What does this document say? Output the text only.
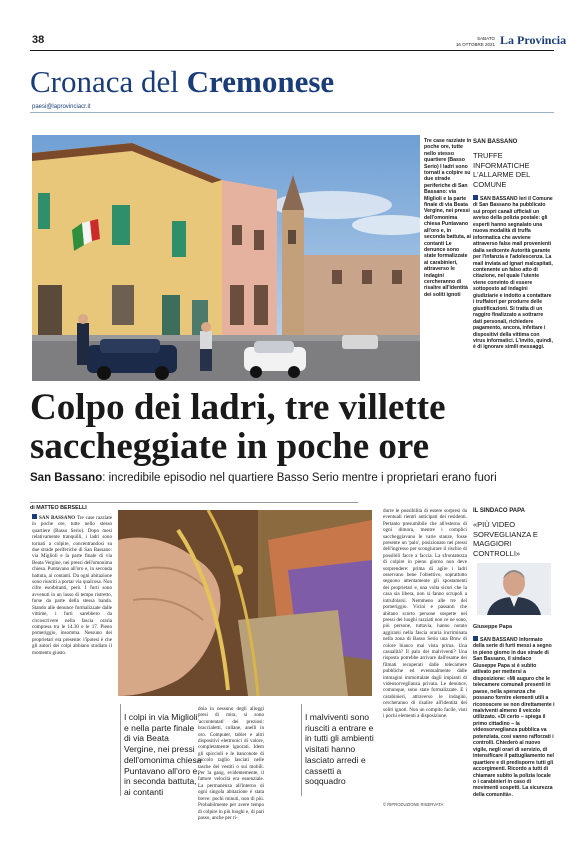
38	SABATO
16 OTTOBRE 2021 La Provincia
Cronaca del Cremonese
paesi@laprovinciacr.it
Tre case razziate in poche ore, tutte nello stesso quartiere (Basso Serio) I ladri sono tornati a colpire su due strade periferiche di San Bassano: via Miglioli e la parte finale di via Beata Vergine, nei pressi dell'omonima chiesa Puntavano all'oro e, in seconda battuta, ai contanti Le denunce sono state formalizzate ai carabinieri, attraverso le indagini cercheranno di risalire all'identità dei soliti ignoti
SAN BASSANO
TRUFFE INFORMATICHE L'ALLARME DEL COMUNE
SAN BASSANO Ieri il Comune di San Bassano ha pubblicato sui propri canali ufficiali un avviso della polizia postale: gli esperti hanno segnalato una nuova modalità di truffa informatica che avviene attraverso false mail provenienti dalla sedicente Autorità garante per l'infanzia e l'adolescenza. La mail inviata ad ignari malcapitati, contenente un falso atto di citazione, nel quale l'utente viene convinto di essere sottoposto ad indagini giudiziarie e indotto a contattare i truffatori per produrre delle giustificazioni. Si tratta di un raggiro finalizzato a sottrarre dati personali, richiedere pagamento, ancora, infettare i dispositivi della vittima con virus informatici. L'invito, quindi, è di ignorare simili messaggi.
Colpo dei ladri, tre villette saccheggiate in poche ore
San Bassano: incredibile episodio nel quartiere Basso Serio mentre i proprietari erano fuori
di MATTEO BERSELLI
SAN BASSANO Tre case razziate in poche ore, tutte nello stesso quartiere (Basso Serio). Dopo mesi relativamente tranquilli, i ladri sono tornati a colpire, concentrandosi su due strade periferiche di San Bassano: via Miglioli e la parte finale di via Beata Vergine, nei pressi dell'omonima chiesa. Puntavano all'oro e, in seconda battuta, ai contanti. Da ogni abitazione sono riusciti a portar via qualcosa. Non cifre esorbitanti, però. I furti sono avvenuti in un lasso di tempo ristretto, forse da parte della stessa banda. Stando alle denunce formalizzate dalle vittime, i furti sarebbero da circoscrivere nella fascia oraria compresa tra le 14.30 e le 17. Pieno pomeriggio, insomma. Nessuno dei proprietari era presente: l'ipotesi è che gli autori dei colpi abbiano studiato il momento giusto.
dola in nessuno degli alloggi presi di mira, si sono 'accontentati' dei preziosi: braccialetti, collane, anelli in oro. Computer, tablet e altri dispositivi elettronici di valore, completamente ignorati. Idem gli spiccioli e le banconote di piccolo taglio lasciati nelle tasche dei vestiti o sui mobili. Per la gang, evidentemente, il fattore velocità era essenziale. La permanenza all'interno di ogni singola abitazione è stata breve: pochi minuti, non di più. Probabilmente per avere tempo di colpire in più luoghi e, di pari passo, anche per ri-
I colpi in via Miglioli e nella parte finale di via Beata Vergine, nei pressi dell'omonima chiesa Puntavano all'oro e, in seconda battuta, ai contanti
I malviventi sono riusciti a entrare e in tutti gli ambienti visitati hanno lasciato arredi e cassetti a soqquadro
durre le possibilità di essere sorpresi da eventuali rientri anticipati dei residenti. Pertanto presumibile che all'esterno di ogni dimora, mentre i complici saccheggiavano le varie stanze, fosse presente un 'palo', posizionato nei pressi dell'ingresso per scongiurare il rischio di possibili facce a faccia. La sfrontatezza di colpire in pieno giorno non deve sorprendere: prima di agire i ladri osservano bene l'obiettivo, soprattutto seguono attentamente gli spostamenti dei proprietari e, una volta sicuri che la casa sia libera, non si fanno scrupoli a intrufolarsi. Nemmeno alle tre del pomeriggio. Vicini e passanti che abitano scorto persone sospette nei pressi dei luoghi razziati non ce ne sono, più persone, tuttavia, hanno notato aggirarsi nella fascia oraria incriminata nella zona di Basso Serio una Bmw di colore bianco mai vista prima. Una casualità? Il palo dei malviventi? Una risposta potrebbe arrivare dall'esame dei filmati recuperati dalle telecamere pubbliche ed eventualmente dalle immagini immortalate dagli impianti di videosorveglianza privata. Le denunce, comunque, sono state formalizzate. E i carabinieri, attraverso le indagini, cercheranno di risalire all'identità dei soliti ignoti. Non un compito facile, visti i pochi elementi a disposizione.
© RIPRODUZIONE RISERVATA
IL SINDACO PAPA
«PIÙ VIDEO SORVEGLIANZA E MAGGIORI CONTROLLI»
Giuseppe Papa
SAN BASSANO Informato della serie di furti messi a segno in pieno giorno in due strade di San Bassano, il sindaco Giuseppe Papa si è subito attivato per mettersi a disposizione: «Mi auguro che le telecamere comunali presenti in paese, nella speranza che possano fornire elementi utili a riconoscere se non direttamente i malviventi almeno il veicolo utilizzato. «Di certo – spiega il primo cittadino – la videosorveglianza pubblica va potenziata, così vanno rafforzati i controlli. Chiederò al nuovo vigile, negli orari di servizio, di intensificare il pattugliamento nel quartiere e di predisporre tutti gli accorgimenti. Ricordo a tutti di chiamare subito la polizia locale o i carabinieri in caso di movimenti sospetti. La sicurezza della comunità».
